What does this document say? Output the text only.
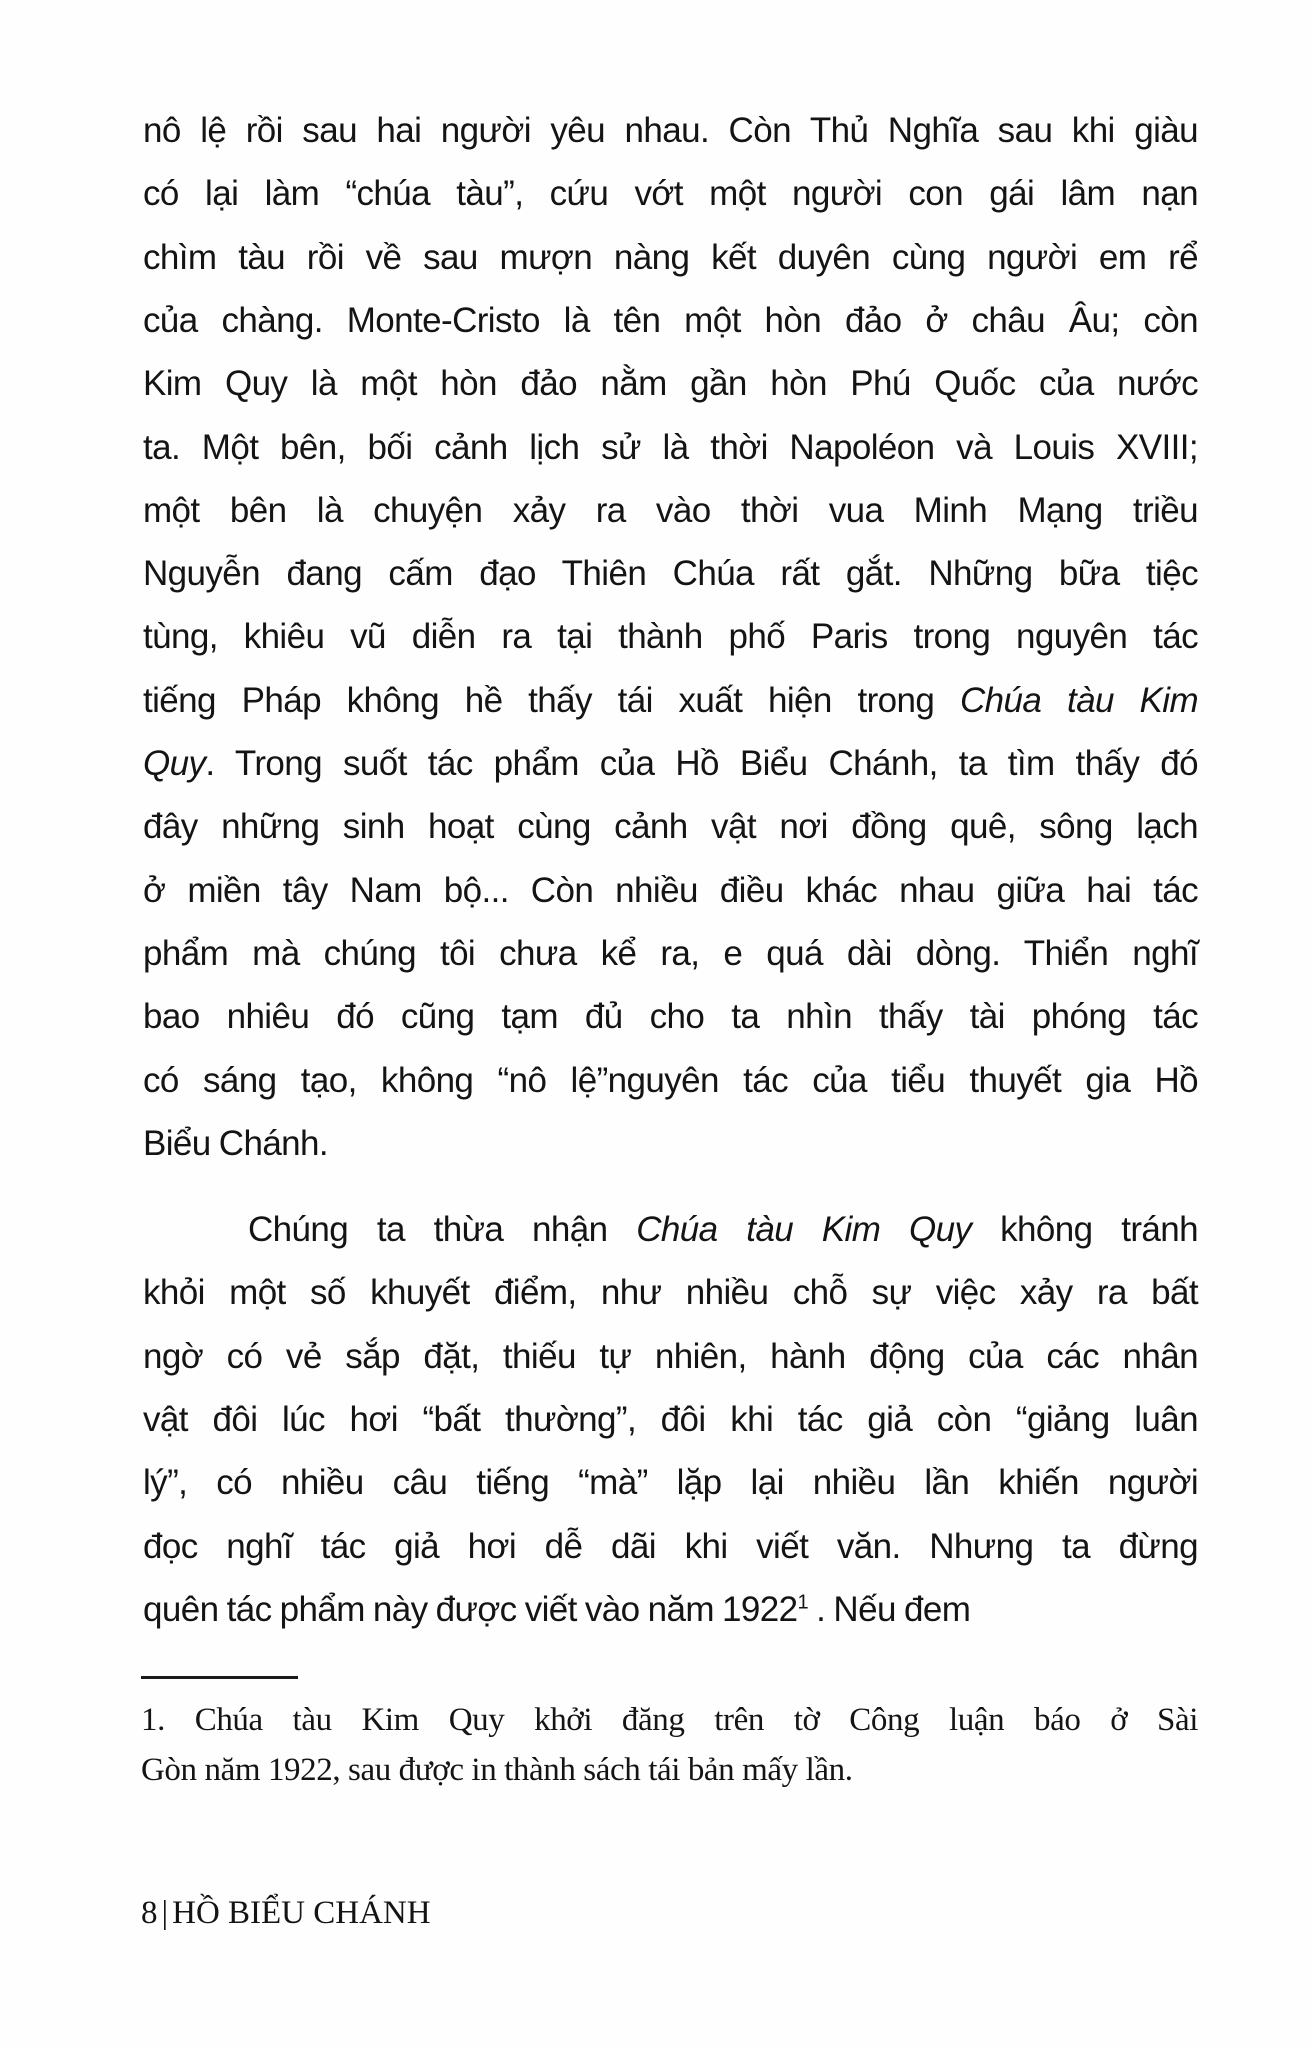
nô lệ rồi sau hai người yêu nhau. Còn Thủ Nghĩa sau khi giàu
có lại làm “chúa tàu”, cứu vớt một người con gái lâm nạn
chìm tàu rồi về sau mượn nàng kết duyên cùng người em rể
của chàng. Monte-Cristo là tên một hòn đảo ở châu Âu; còn
Kim Quy là một hòn đảo nằm gần hòn Phú Quốc của nước
ta. Một bên, bối cảnh lịch sử là thời Napoléon và Louis XVIII;
một bên là chuyện xảy ra vào thời vua Minh Mạng triều
Nguyễn đang cấm đạo Thiên Chúa rất gắt. Những bữa tiệc
tùng, khiêu vũ diễn ra tại thành phố Paris trong nguyên tác
tiếng Pháp không hề thấy tái xuất hiện trong Chúa tàu Kim
Quy. Trong suốt tác phẩm của Hồ Biểu Chánh, ta tìm thấy đó
đây những sinh hoạt cùng cảnh vật nơi đồng quê, sông lạch
ở miền tây Nam bộ... Còn nhiều điều khác nhau giữa hai tác
phẩm mà chúng tôi chưa kể ra, e quá dài dòng. Thiển nghĩ
bao nhiêu đó cũng tạm đủ cho ta nhìn thấy tài phóng tác
có sáng tạo, không “nô lệ”nguyên tác của tiểu thuyết gia Hồ
Biểu Chánh.
Chúng ta thừa nhận Chúa tàu Kim Quy không tránh
khỏi một số khuyết điểm, như nhiều chỗ sự việc xảy ra bất
ngờ có vẻ sắp đặt, thiếu tự nhiên, hành động của các nhân
vật đôi lúc hơi “bất thường”, đôi khi tác giả còn “giảng luân
lý”, có nhiều câu tiếng “mà” lặp lại nhiều lần khiến người
đọc nghĩ tác giả hơi dễ dãi khi viết văn. Nhưng ta đừng
quên tác phẩm này được viết vào năm 1922$^1$ . Nếu đem
1. Chúa tàu Kim Quy khởi đăng trên tờ Công luận báo ở Sài
Gòn năm 1922, sau được in thành sách tái bản mấy lần.
8 | HỒ BIỂU CHÁNH
